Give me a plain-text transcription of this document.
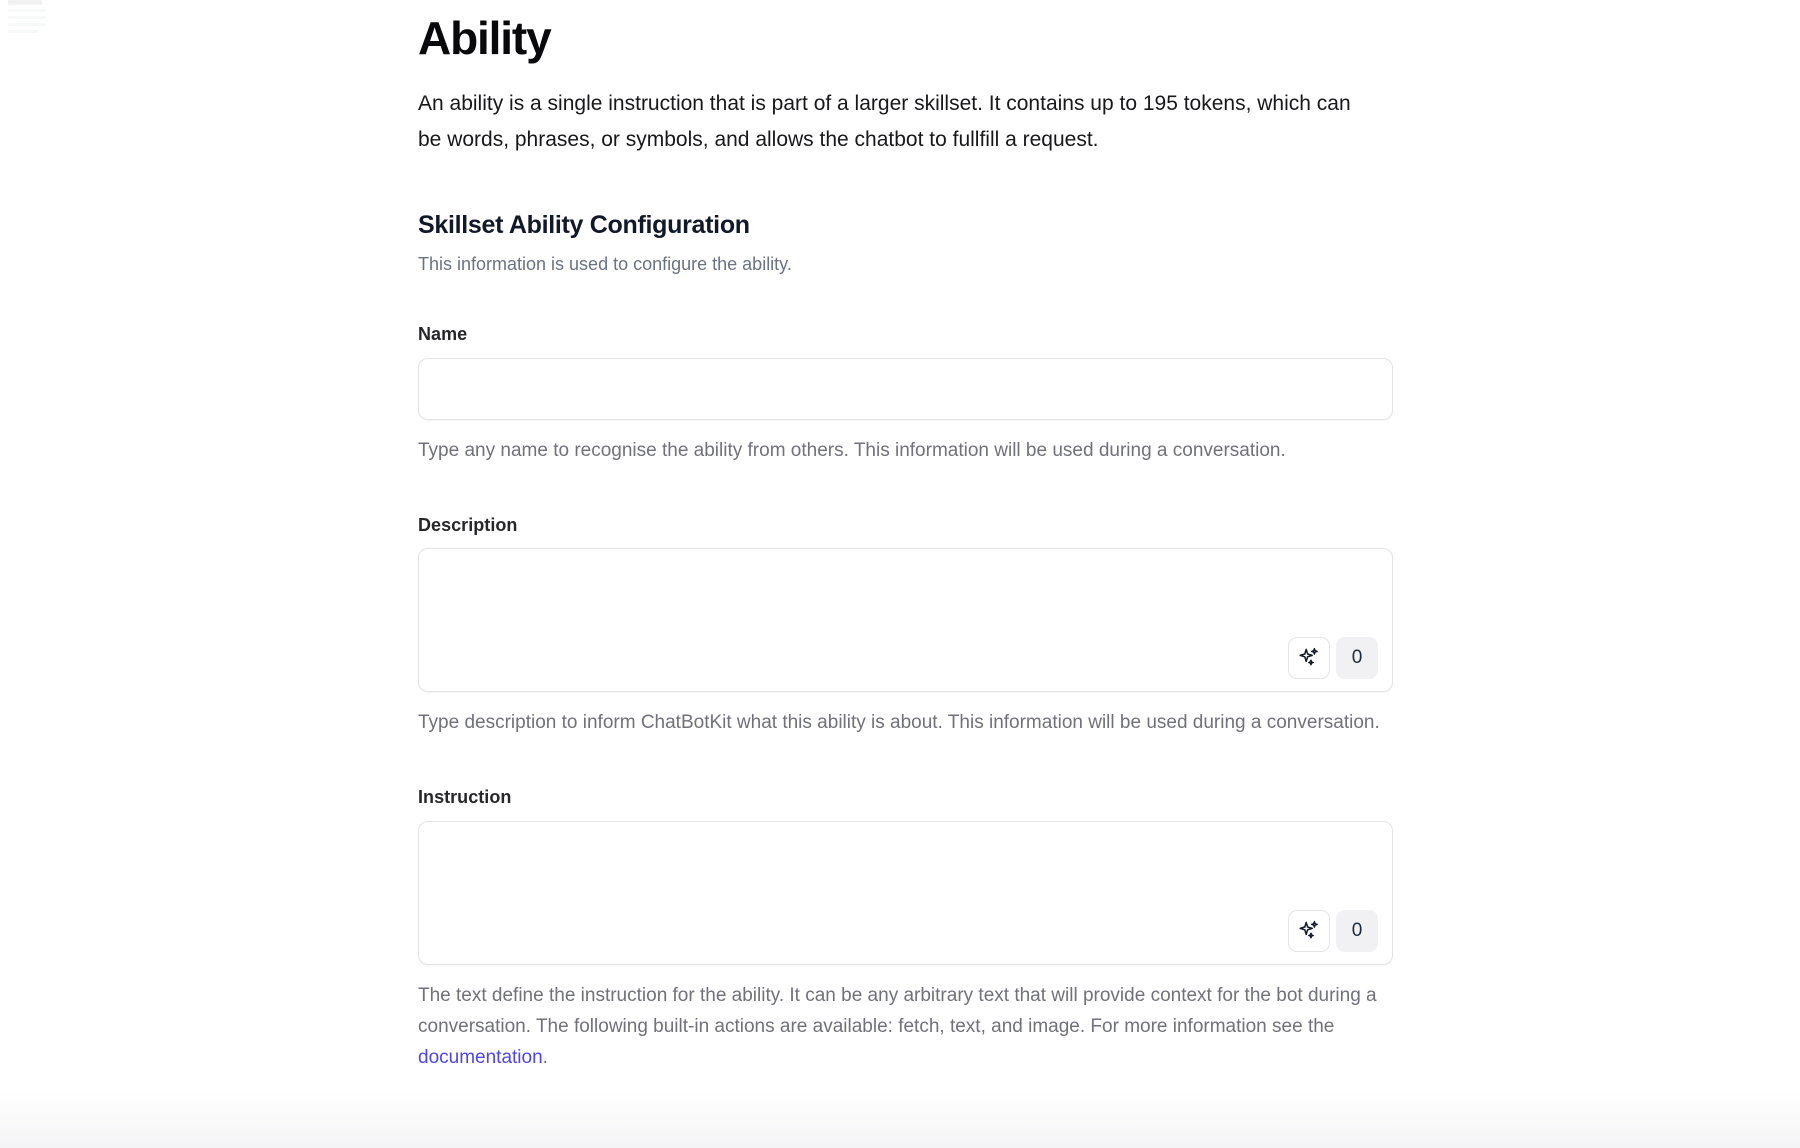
Ability

An ability is a single instruction that is part of a larger skillset. It contains up to 195 tokens, which can be words, phrases, or symbols, and allows the chatbot to fullfill a request.

Skillset Ability Configuration

This information is used to configure the ability.

Name

Type any name to recognise the ability from others. This information will be used during a conversation.

Description
0

Type description to inform ChatBotKit what this ability is about. This information will be used during a conversation.

Instruction
0

The text define the instruction for the ability. It can be any arbitrary text that will provide context for the bot during a conversation. The following built-in actions are available: fetch, text, and image. For more information see the documentation.
